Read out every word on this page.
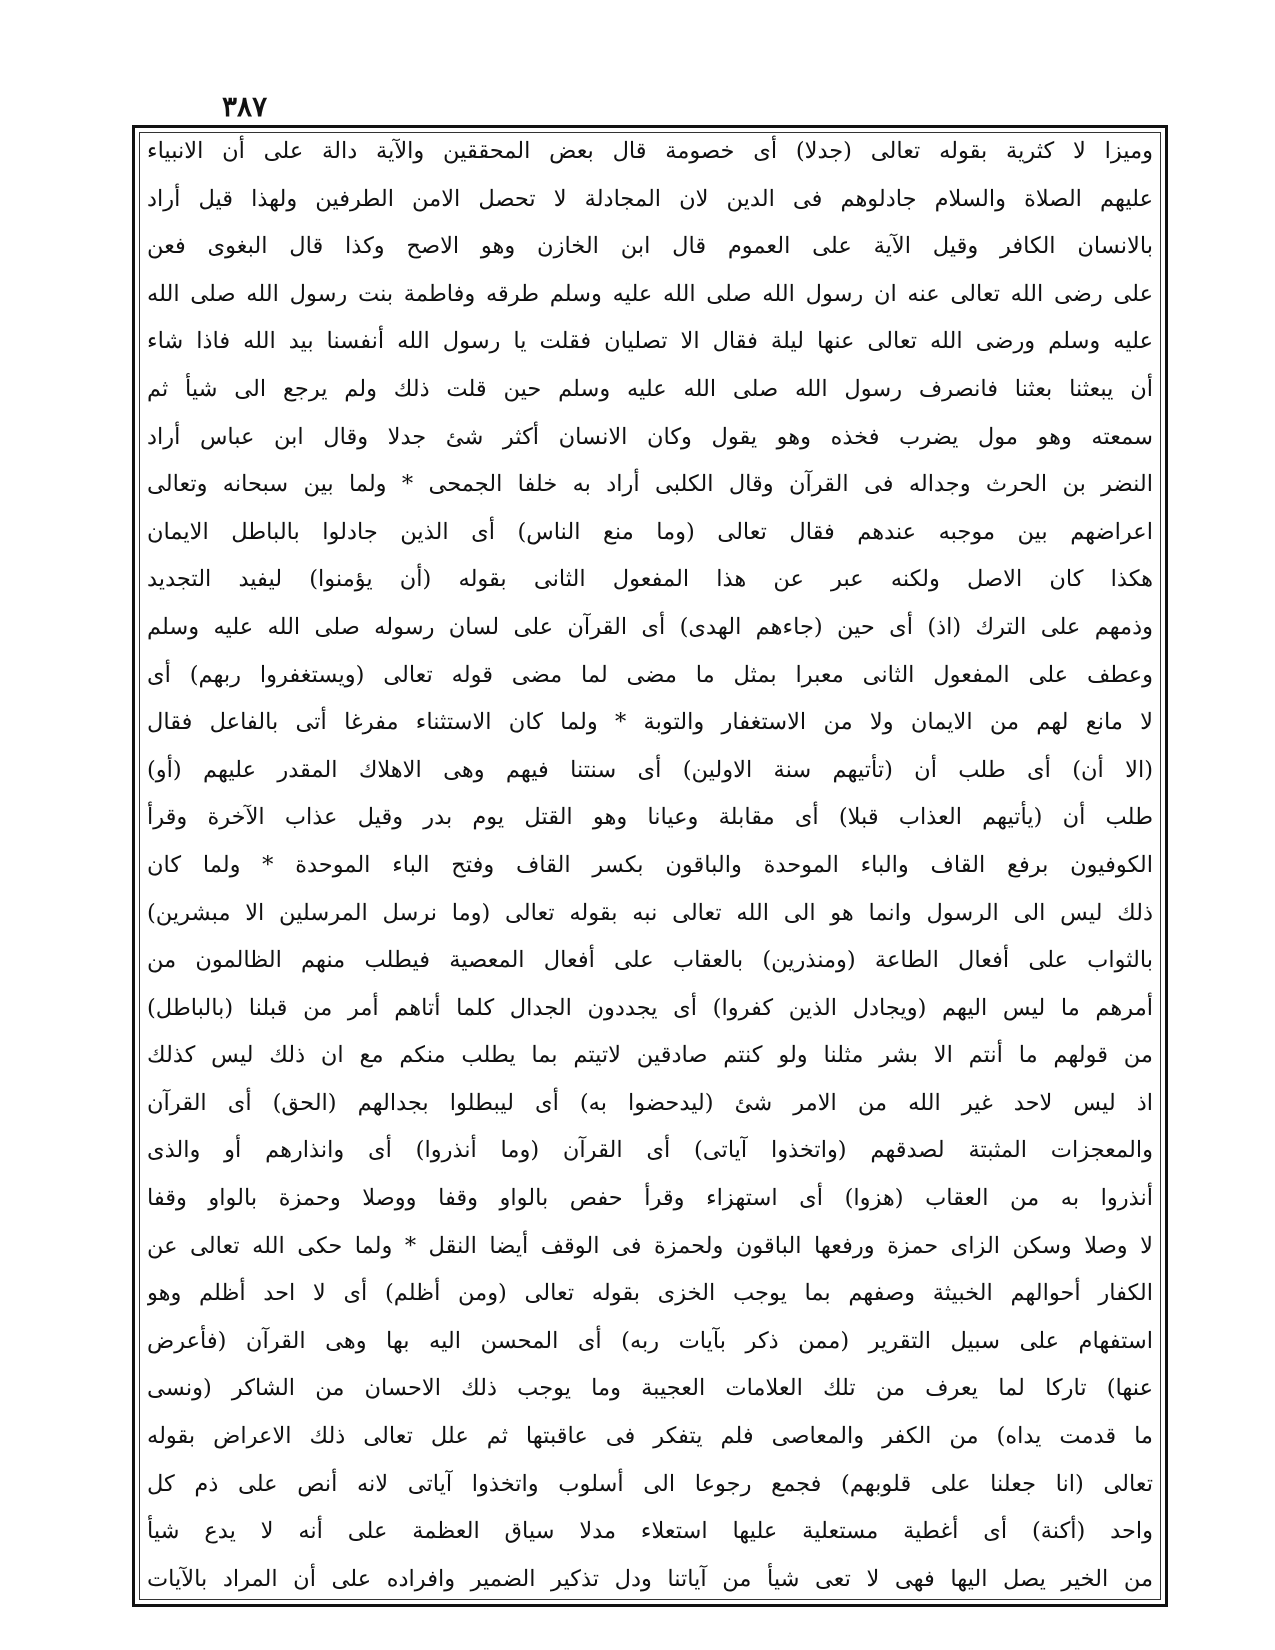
٣٨٧
ومیزا لا کثریة بقوله تعالى (جدلا) أى خصومة قال بعض المحققين والآية دالة على أن الانبياء
عليهم الصلاة والسلام جادلوهم فى الدين لان المجادلة لا تحصل الامن الطرفين ولهذا قيل أراد
بالانسان الكافر وقيل الآية على العموم قال ابن الخازن وهو الاصح وكذا قال البغوى فعن
على رضى الله تعالى عنه ان رسول الله صلى الله عليه وسلم طرقه وفاطمة بنت رسول الله صلى الله
عليه وسلم ورضى الله تعالى عنها ليلة فقال الا تصليان فقلت يا رسول الله أنفسنا بيد الله فاذا شاء
أن يبعثنا بعثنا فانصرف رسول الله صلى الله عليه وسلم حين قلت ذلك ولم يرجع الى شيأ ثم
سمعته وهو مول يضرب فخذه وهو يقول وكان الانسان أكثر شئ جدلا وقال ابن عباس أراد
النضر بن الحرث وجداله فى القرآن وقال الكلبى أراد به خلفا الجمحى * ولما بين سبحانه وتعالى
اعراضهم بين موجبه عندهم فقال تعالى (وما منع الناس) أى الذين جادلوا بالباطل الايمان
هكذا كان الاصل ولكنه عبر عن هذا المفعول الثانى بقوله (أن يؤمنوا) ليفيد التجديد
وذمهم على الترك (اذ) أى حين (جاءهم الهدى) أى القرآن على لسان رسوله صلى الله عليه وسلم
وعطف على المفعول الثانى معبرا بمثل ما مضى لما مضى قوله تعالى (ويستغفروا ربهم) أى
لا مانع لهم من الايمان ولا من الاستغفار والتوبة * ولما كان الاستثناء مفرغا أتى بالفاعل فقال
(الا أن) أى طلب أن (تأتيهم سنة الاولين) أى سنتنا فيهم وهى الاهلاك المقدر عليهم (أو)
طلب أن (يأتيهم العذاب قبلا) أى مقابلة وعيانا وهو القتل يوم بدر وقيل عذاب الآخرة وقرأ
الكوفيون برفع القاف والباء الموحدة والباقون بكسر القاف وفتح الباء الموحدة * ولما كان
ذلك ليس الى الرسول وانما هو الى الله تعالى نبه بقوله تعالى (وما نرسل المرسلين الا مبشرين)
بالثواب على أفعال الطاعة (ومنذرين) بالعقاب على أفعال المعصية فيطلب منهم الظالمون من
أمرهم ما ليس اليهم (ويجادل الذين كفروا) أى يجددون الجدال كلما أتاهم أمر من قبلنا (بالباطل)
من قولهم ما أنتم الا بشر مثلنا ولو كنتم صادقين لاتيتم بما يطلب منكم مع ان ذلك ليس كذلك
اذ ليس لاحد غير الله من الامر شئ (ليدحضوا به) أى ليبطلوا بجدالهم (الحق) أى القرآن
والمعجزات المثبتة لصدقهم (واتخذوا آياتى) أى القرآن (وما أنذروا) أى وانذارهم أو والذى
أنذروا به من العقاب (هزوا) أى استهزاء وقرأ حفص بالواو وقفا ووصلا وحمزة بالواو وقفا
لا وصلا وسكن الزاى حمزة ورفعها الباقون ولحمزة فى الوقف أيضا النقل * ولما حكى الله تعالى عن
الكفار أحوالهم الخبيثة وصفهم بما يوجب الخزى بقوله تعالى (ومن أظلم) أى لا احد أظلم وهو
استفهام على سبيل التقرير (ممن ذكر بآيات ربه) أى المحسن اليه بها وهى القرآن (فأعرض
عنها) تاركا لما يعرف من تلك العلامات العجيبة وما يوجب ذلك الاحسان من الشاكر (ونسى
ما قدمت يداه) من الكفر والمعاصى فلم يتفكر فى عاقبتها ثم علل تعالى ذلك الاعراض بقوله
تعالى (انا جعلنا على قلوبهم) فجمع رجوعا الى أسلوب واتخذوا آياتى لانه أنص على ذم كل
واحد (أكنة) أى أغطية مستعلية عليها استعلاء مدلا سياق العظمة على أنه لا يدع شيأ
من الخير يصل اليها فهى لا تعى شيأ من آياتنا ودل تذكير الضمير وافراده على أن المراد بالآيات
